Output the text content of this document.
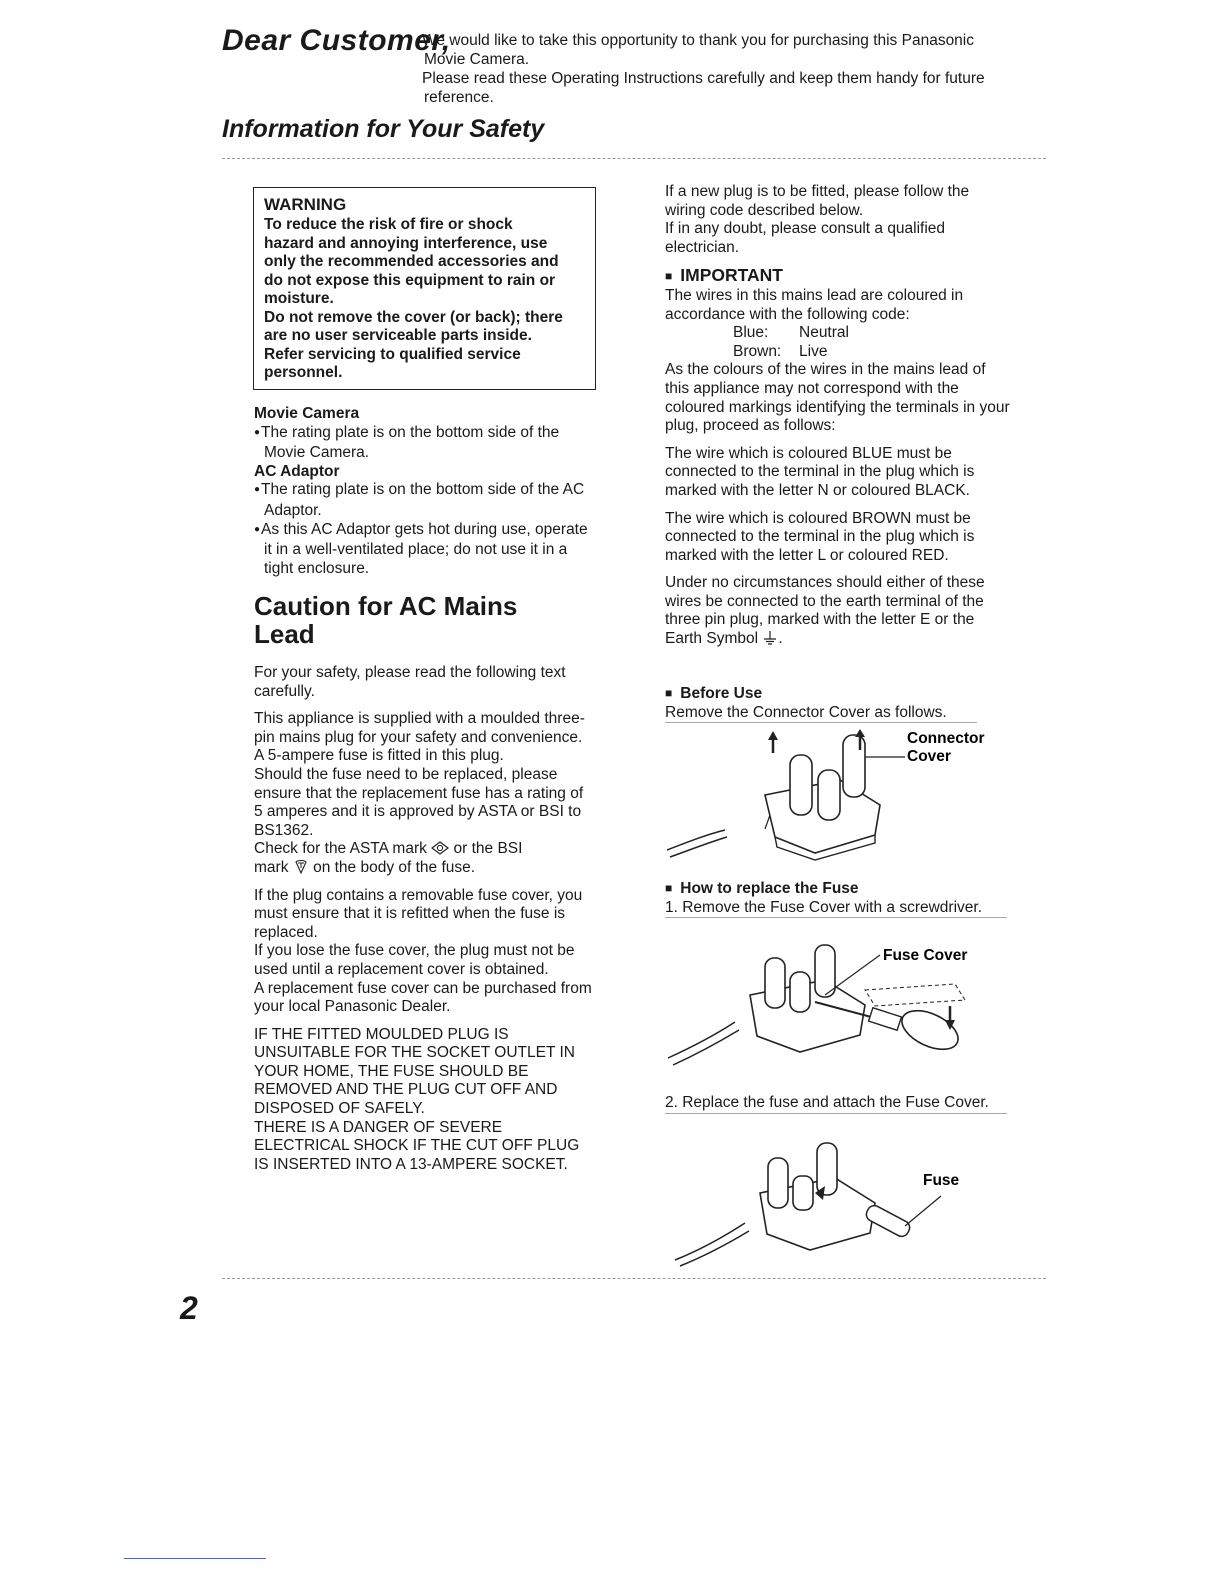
Dear Customer,

We would like to take this opportunity to thank you for purchasing this Panasonic

Movie Camera.

Please read these Operating Instructions carefully and keep them handy for future

reference.

Information for Your Safety
WARNING
To reduce the risk of fire or shock
hazard and annoying interference, use
only the recommended accessories and
do not expose this equipment to rain or
moisture.
Do not remove the cover (or back); there
are no user serviceable parts inside.
Refer servicing to qualified service
personnel.

Movie Camera

● The rating plate is on the bottom side of the Movie Camera.

AC Adaptor

● The rating plate is on the bottom side of the AC Adaptor.

● As this AC Adaptor gets hot during use, operate it in a well-ventilated place; do not use it in a tight enclosure.

Caution for AC Mains
Lead

For your safety, please read the following text carefully.

This appliance is supplied with a moulded three-pin mains plug for your safety and convenience.

A 5-ampere fuse is fitted in this plug.

Should the fuse need to be replaced, please ensure that the replacement fuse has a rating of 5 amperes and it is approved by ASTA or BSI to BS1362.

Check for the ASTA mark or the BSI
mark on the body of the fuse.

If the plug contains a removable fuse cover, you must ensure that it is refitted when the fuse is replaced.

If you lose the fuse cover, the plug must not be used until a replacement cover is obtained.

A replacement fuse cover can be purchased from your local Panasonic Dealer.

IF THE FITTED MOULDED PLUG IS UNSUITABLE FOR THE SOCKET OUTLET IN YOUR HOME, THE FUSE SHOULD BE REMOVED AND THE PLUG CUT OFF AND DISPOSED OF SAFELY.

THERE IS A DANGER OF SEVERE ELECTRICAL SHOCK IF THE CUT OFF PLUG IS INSERTED INTO A 13-AMPERE SOCKET.

If a new plug is to be fitted, please follow the wiring code described below.

If in any doubt, please consult a qualified electrician.

■ IMPORTANT

The wires in this mains lead are coloured in accordance with the following code:

Blue: Neutral

Brown: Live

As the colours of the wires in the mains lead of this appliance may not correspond with the coloured markings identifying the terminals in your plug, proceed as follows:

The wire which is coloured BLUE must be connected to the terminal in the plug which is marked with the letter N or coloured BLACK.

The wire which is coloured BROWN must be connected to the terminal in the plug which is marked with the letter L or coloured RED.

Under no circumstances should either of these wires be connected to the earth terminal of the three pin plug, marked with the letter E or the Earth Symbol .

■ Before Use

Remove the Connector Cover as follows.

Connector
Cover

■ How to replace the Fuse

1. Remove the Fuse Cover with a screwdriver.

Fuse Cover

2. Replace the fuse and attach the Fuse Cover.

Fuse
2
